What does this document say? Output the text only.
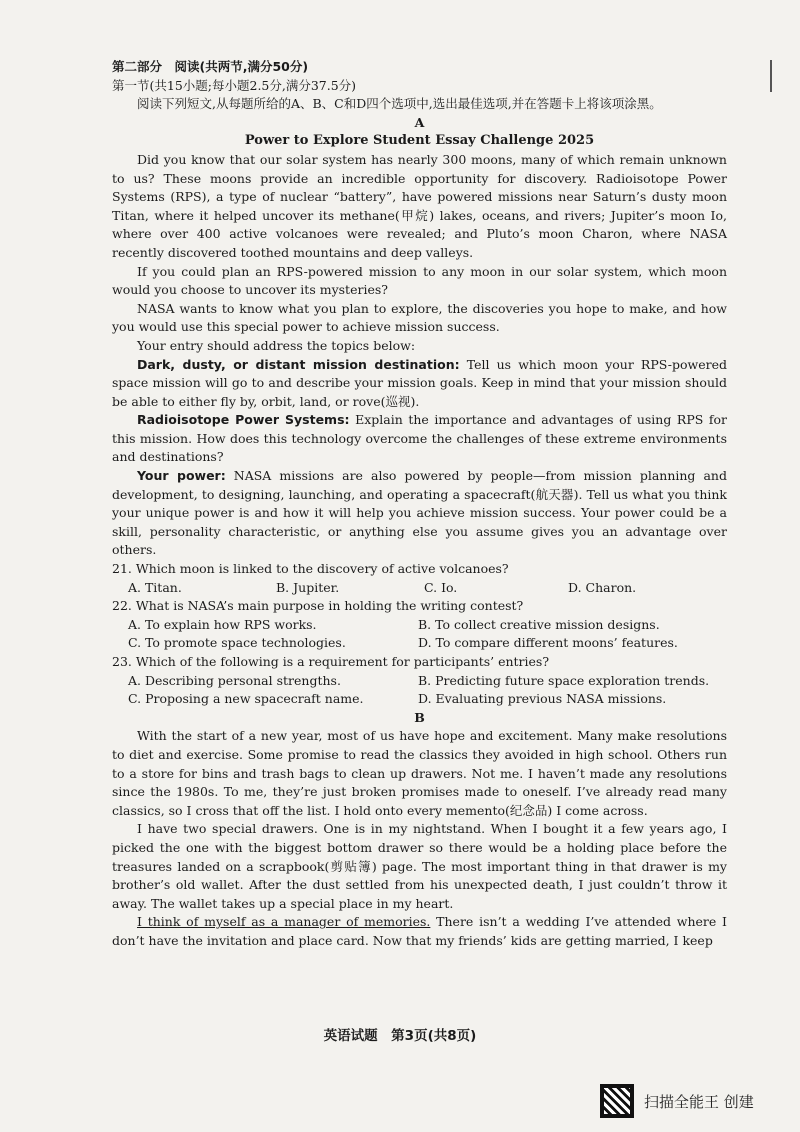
第二部分　阅读(共两节,满分50分)

第一节(共15小题;每小题2.5分,满分37.5分)

阅读下列短文,从每题所给的A、B、C和D四个选项中,选出最佳选项,并在答题卡上将该项涂黑。

A

Power to Explore Student Essay Challenge 2025

Did you know that our solar system has nearly 300 moons, many of which remain unknown to us? These moons provide an incredible opportunity for discovery. Radioisotope Power Systems (RPS), a type of nuclear “battery”, have powered missions near Saturn’s dusty moon Titan, where it helped uncover its methane(甲烷) lakes, oceans, and rivers; Jupiter’s moon Io, where over 400 active volcanoes were revealed; and Pluto’s moon Charon, where NASA recently discovered toothed mountains and deep valleys.

If you could plan an RPS-powered mission to any moon in our solar system, which moon would you choose to uncover its mysteries?

NASA wants to know what you plan to explore, the discoveries you hope to make, and how you would use this special power to achieve mission success.

Your entry should address the topics below:

Dark, dusty, or distant mission destination: Tell us which moon your RPS-powered space mission will go to and describe your mission goals. Keep in mind that your mission should be able to either fly by, orbit, land, or rove(巡视).

Radioisotope Power Systems: Explain the importance and advantages of using RPS for this mission. How does this technology overcome the challenges of these extreme environments and destinations?

Your power: NASA missions are also powered by people—from mission planning and development, to designing, launching, and operating a spacecraft(航天器). Tell us what you think your unique power is and how it will help you achieve mission success. Your power could be a skill, personality characteristic, or anything else you assume gives you an advantage over others.

21. Which moon is linked to the discovery of active volcanoes?

A. Titan.	B. Jupiter.	C. Io.	D. Charon.

22. What is NASA’s main purpose in holding the writing contest?

A. To explain how RPS works.	B. To collect creative mission designs.
C. To promote space technologies.	D. To compare different moons’ features.

23. Which of the following is a requirement for participants’ entries?

A. Describing personal strengths.	B. Predicting future space exploration trends.
C. Proposing a new spacecraft name.	D. Evaluating previous NASA missions.

B

With the start of a new year, most of us have hope and excitement. Many make resolutions to diet and exercise. Some promise to read the classics they avoided in high school. Others run to a store for bins and trash bags to clean up drawers. Not me. I haven’t made any resolutions since the 1980s. To me, they’re just broken promises made to oneself. I’ve already read many classics, so I cross that off the list. I hold onto every memento(纪念品) I come across.

I have two special drawers. One is in my nightstand. When I bought it a few years ago, I picked the one with the biggest bottom drawer so there would be a holding place before the treasures landed on a scrapbook(剪贴簿) page. The most important thing in that drawer is my brother’s old wallet. After the dust settled from his unexpected death, I just couldn’t throw it away. The wallet takes up a special place in my heart.

I think of myself as a manager of memories. There isn’t a wedding I’ve attended where I don’t have the invitation and place card. Now that my friends’ kids are getting married, I keep

英语试题　第3页(共8页)
扫描全能王 创建
